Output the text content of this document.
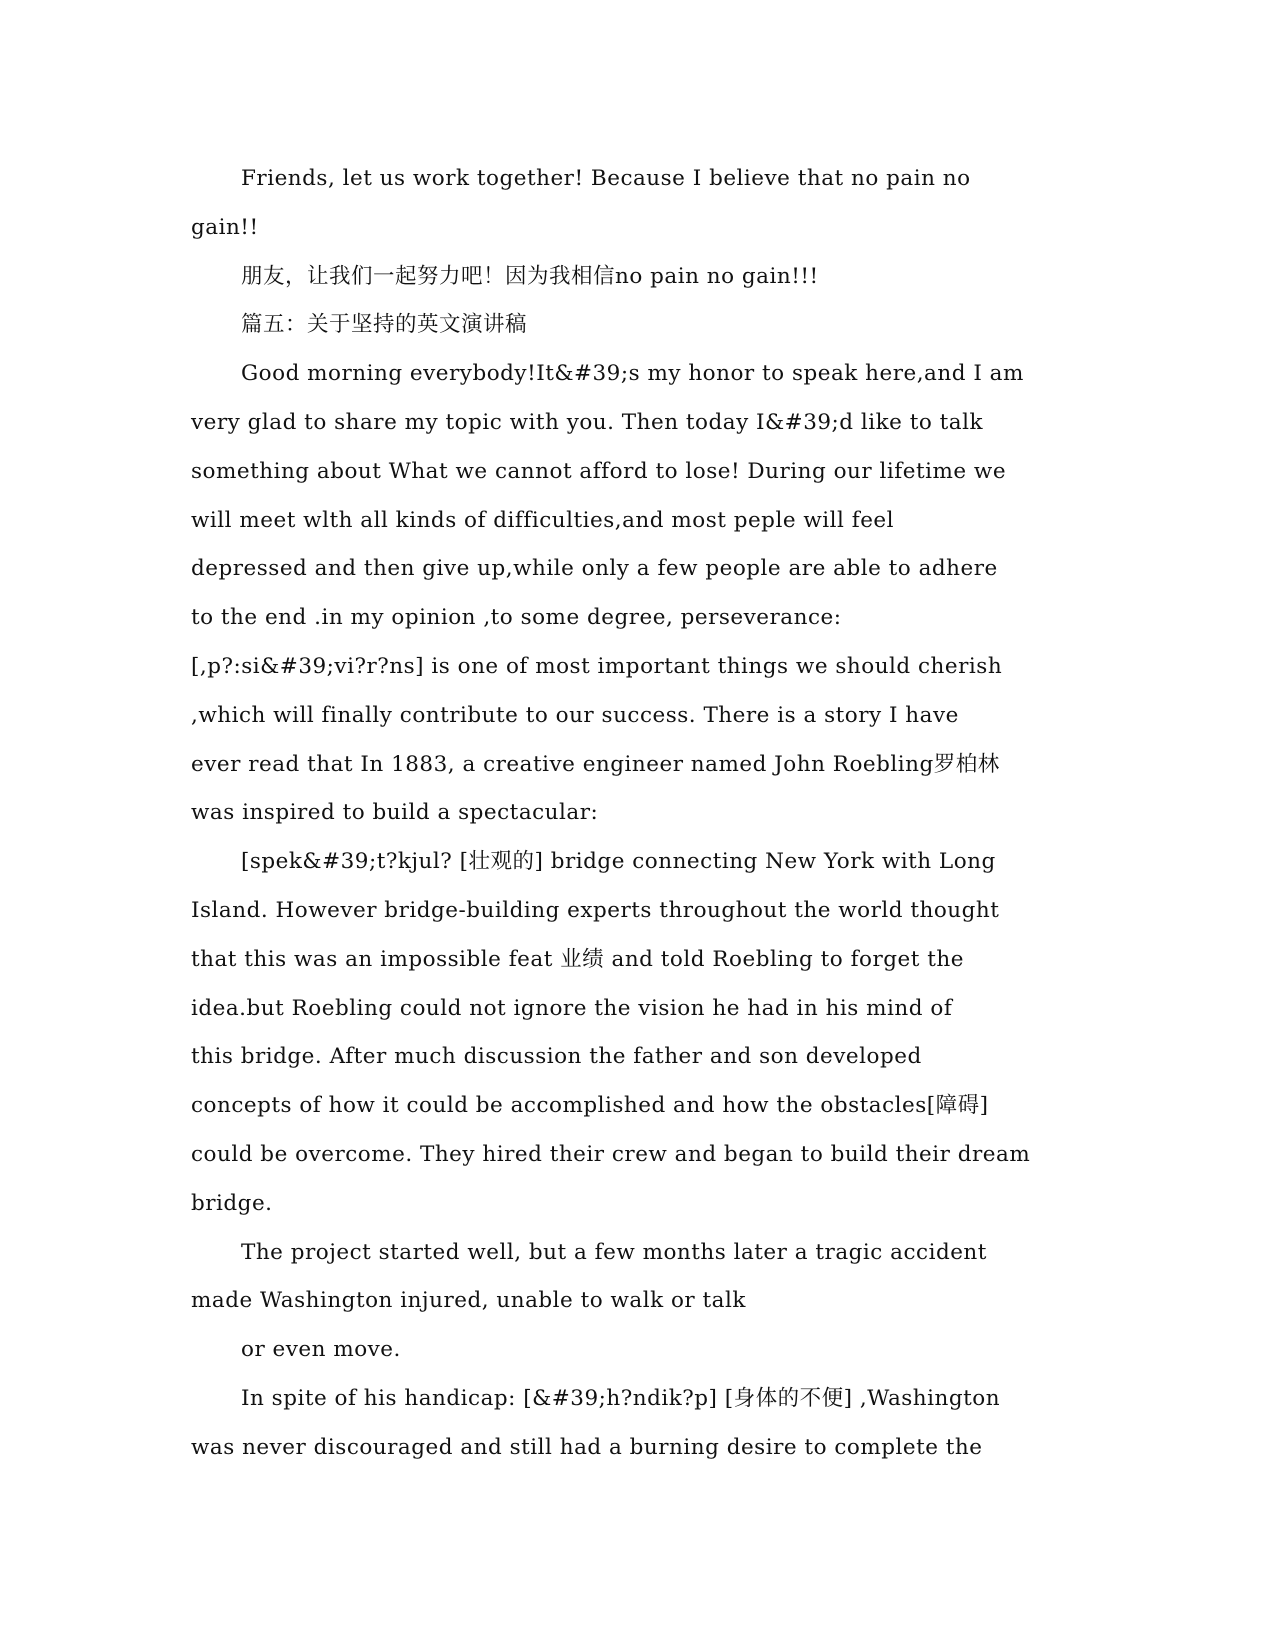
Friends, let us work together! Because I believe that no pain no
gain!!
朋友，让我们一起努力吧！因为我相信no pain no gain!!!
篇五：关于坚持的英文演讲稿
Good morning everybody!It&#39;s my honor to speak here,and I am
very glad to share my topic with you. Then today I&#39;d like to talk
something about What we cannot afford to lose! During our lifetime we
will meet wlth all kinds of difficulties,and most peple will feel
depressed and then give up,while only a few people are able to adhere
to the end .in my opinion ,to some degree, perseverance:
[,p?:si&#39;vi?r?ns] is one of most important things we should cherish
,which will finally contribute to our success. There is a story I have
ever read that In 1883, a creative engineer named John Roebling罗柏林
was inspired to build a spectacular:
[spek&#39;t?kjul? [壮观的] bridge connecting New York with Long
Island. However bridge-building experts throughout the world thought
that this was an impossible feat 业绩 and told Roebling to forget the
idea.but Roebling could not ignore the vision he had in his mind of
this bridge. After much discussion the father and son developed
concepts of how it could be accomplished and how the obstacles[障碍]
could be overcome. They hired their crew and began to build their dream
bridge.
The project started well, but a few months later a tragic accident
made Washington injured, unable to walk or talk
or even move.
In spite of his handicap: [&#39;h?ndik?p] [身体的不便] ,Washington
was never discouraged and still had a burning desire to complete the
